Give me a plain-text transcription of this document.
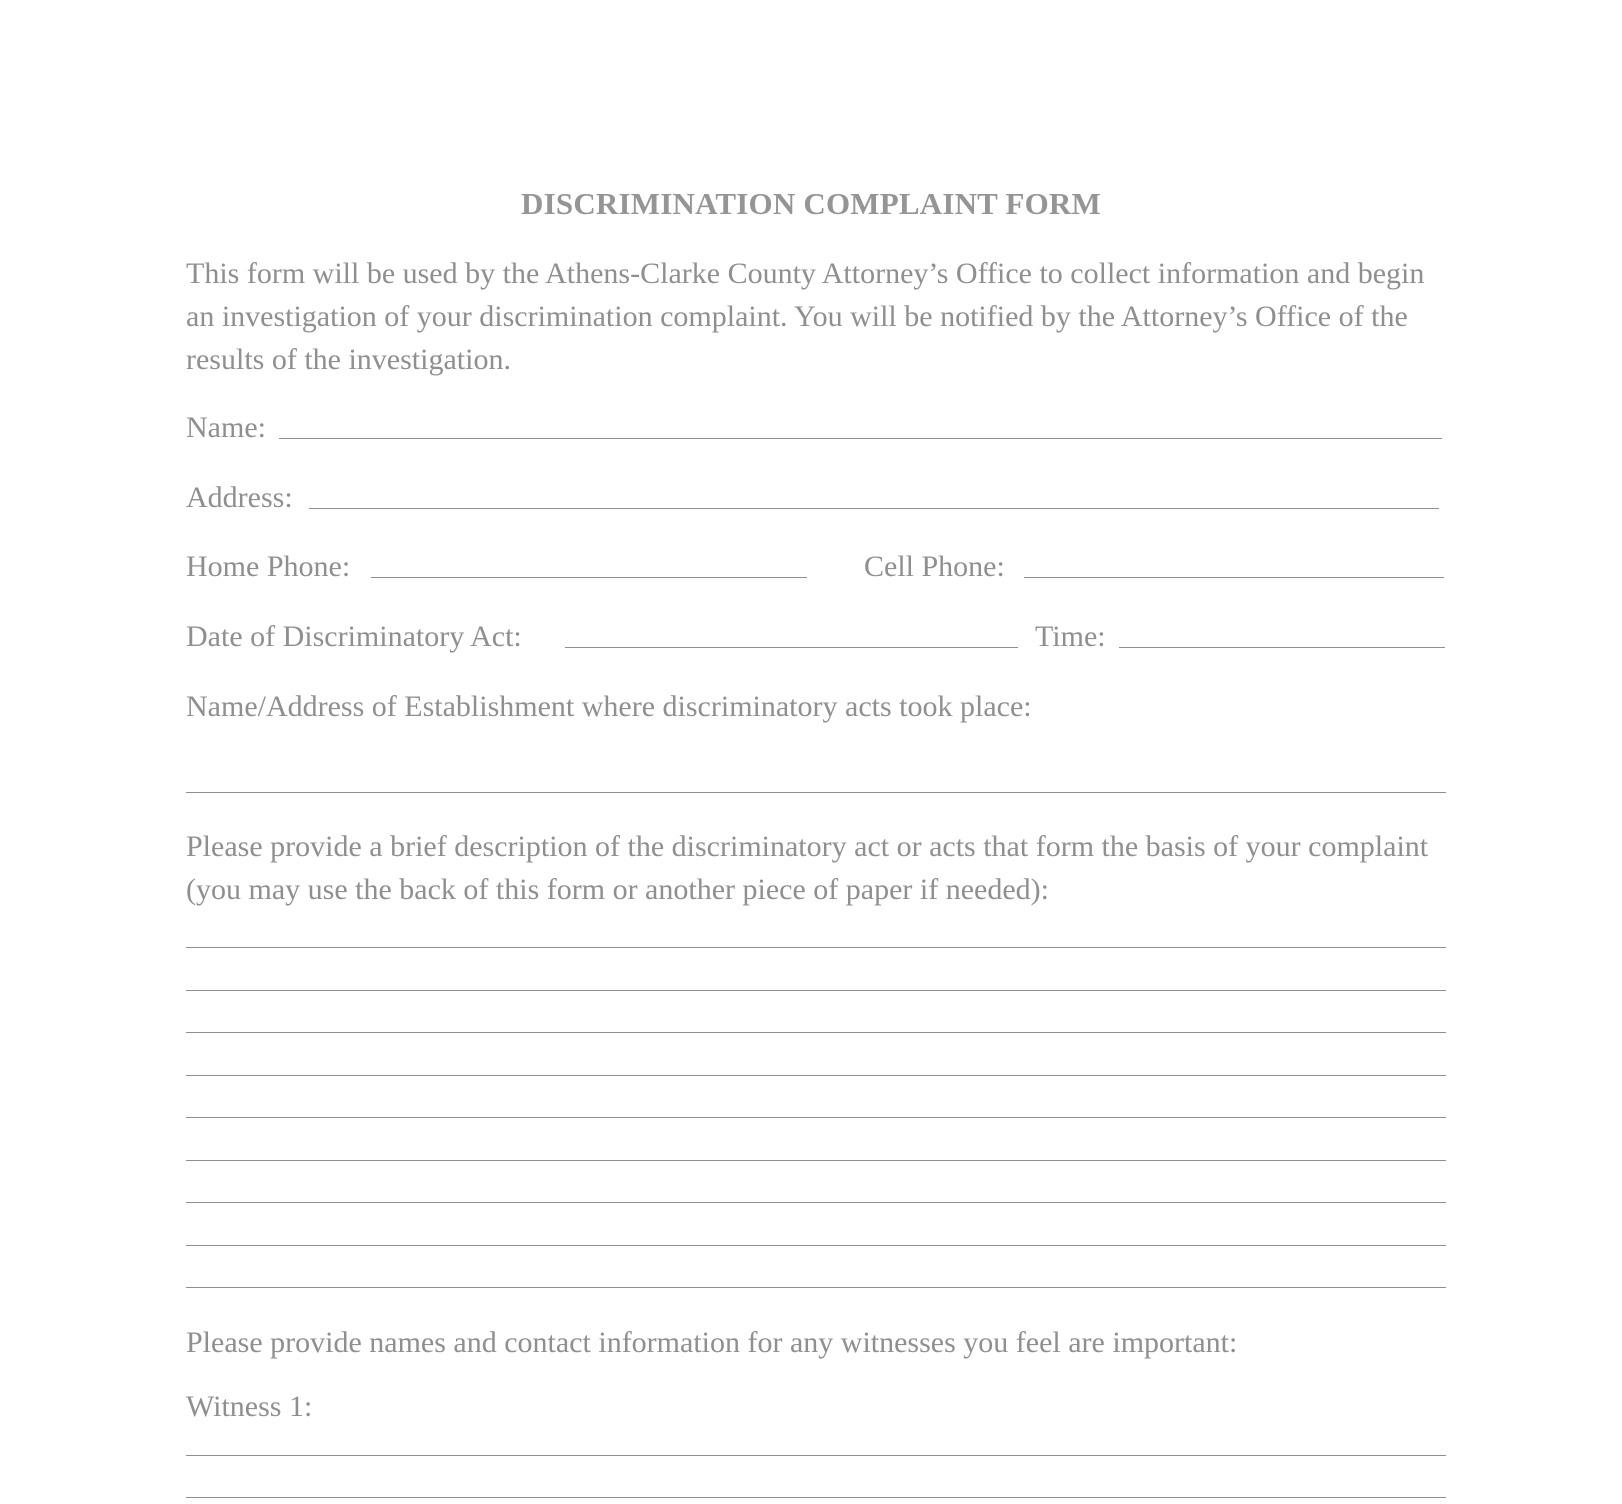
DISCRIMINATION COMPLAINT FORM
This form will be used by the Athens-Clarke County Attorney’s Office to collect information and begin an investigation of your discrimination complaint. You will be notified by the Attorney’s Office of the results of the investigation.
Name:
Address:
Home Phone:	Cell Phone:
Date of Discriminatory Act:	Time:
Name/Address of Establishment where discriminatory acts took place:
Please provide a brief description of the discriminatory act or acts that form the basis of your complaint (you may use the back of this form or another piece of paper if needed):
Please provide names and contact information for any witnesses you feel are important:
Witness 1:
